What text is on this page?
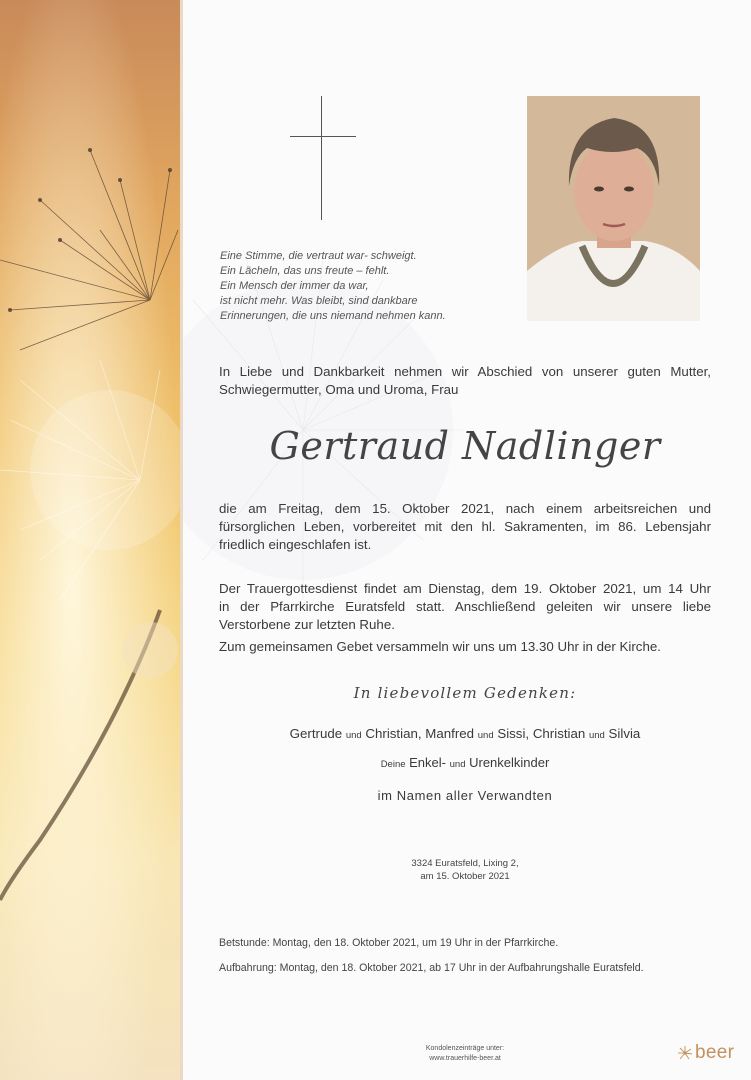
Eine Stimme, die vertraut war- schweigt.
Ein Lächeln, das uns freute – fehlt.
Ein Mensch der immer da war,
ist nicht mehr. Was bleibt, sind dankbare
Erinnerungen, die uns niemand nehmen kann.
In Liebe und Dankbarkeit nehmen wir Abschied von unserer guten Mutter,
Schwiegermutter, Oma und Uroma, Frau
Gertraud Nadlinger
die am Freitag, dem 15. Oktober 2021, nach einem arbeitsreichen und
fürsorglichen Leben, vorbereitet mit den hl. Sakramenten, im 86. Lebensjahr
friedlich eingeschlafen ist.
Der Trauergottesdienst findet am Dienstag, dem 19. Oktober 2021, um 14 Uhr
in der Pfarrkirche Euratsfeld statt. Anschließend geleiten wir unsere liebe
Verstorbene zur letzten Ruhe.
Zum gemeinsamen Gebet versammeln wir uns um 13.30 Uhr in der Kirche.
In liebevollem Gedenken:
Gertrude und Christian, Manfred und Sissi, Christian und Silvia
Deine Enkel- und Urenkelkinder
im Namen aller Verwandten
3324 Euratsfeld, Lixing 2,
am 15. Oktober 2021
Betstunde: Montag, den 18. Oktober 2021, um 19 Uhr in der Pfarrkirche.
Aufbahrung: Montag, den 18. Oktober 2021, ab 17 Uhr in der Aufbahrungshalle Euratsfeld.
Kondolenzeinträge unter:
www.trauerhilfe-beer.at	beer
